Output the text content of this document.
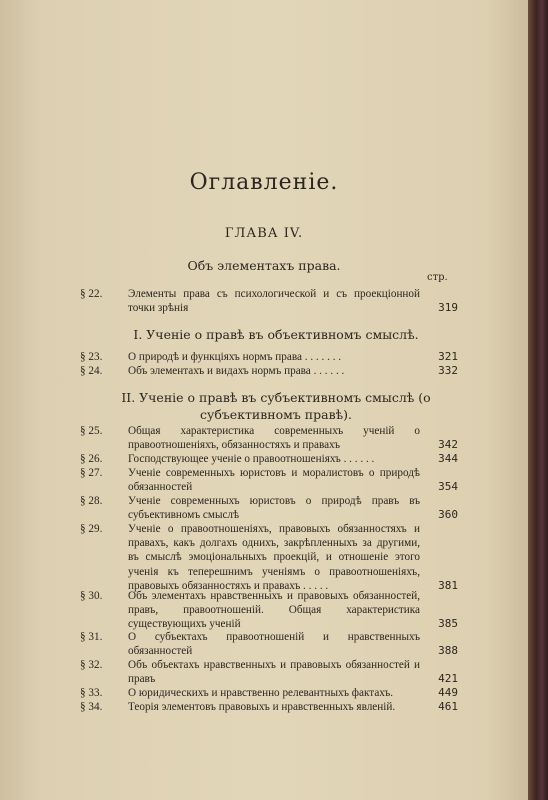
Оглавленіе.
ГЛАВА IV.
Объ элементахъ права.
стр.
§ 22.	Элементы права съ психологической и съ проекціонной точки зрѣнія	319
I. Ученіе о правѣ въ объективномъ смыслѣ.
§ 23.	О природѣ и функціяхъ нормъ права . . . . . . .	321
§ 24.	Объ элементахъ и видахъ нормъ права . . . . . .	332
II. Ученіе о правѣ въ субъективномъ смыслѣ (о субъективномъ правѣ).
§ 25.	Общая характеристика современныхъ ученій о правоотношеніяхъ, обязанностяхъ и правахъ	342
§ 26.	Господствующее ученіе о правоотношеніяхъ . . . . . .	344
§ 27.	Ученіе современныхъ юристовъ и моралистовъ о природѣ обязанностей	354
§ 28.	Ученіе современныхъ юристовъ о природѣ правъ въ субъективномъ смыслѣ	360
§ 29.	Ученіе о правоотношеніяхъ, правовыхъ обязанностяхъ и правахъ, какъ долгахъ однихъ, закрѣпленныхъ за другими, въ смыслѣ эмоціональныхъ проекцій, и отношеніе этого ученія къ теперешнимъ ученіямъ о правоотношеніяхъ, правовыхъ обязанностяхъ и правахъ . . . . .	381
§ 30.	Объ элементахъ нравственныхъ и правовыхъ обязанностей, правъ, правоотношеній. Общая характеристика существующихъ ученій	385
§ 31.	О субъектахъ правоотношеній и нравственныхъ обязанностей	388
§ 32.	Объ объектахъ нравственныхъ и правовыхъ обязанностей и правъ	421
§ 33.	О юридическихъ и нравственно релевантныхъ фактахъ.	449
§ 34.	Теорія элементовъ правовыхъ и нравственныхъ явленій.	461
